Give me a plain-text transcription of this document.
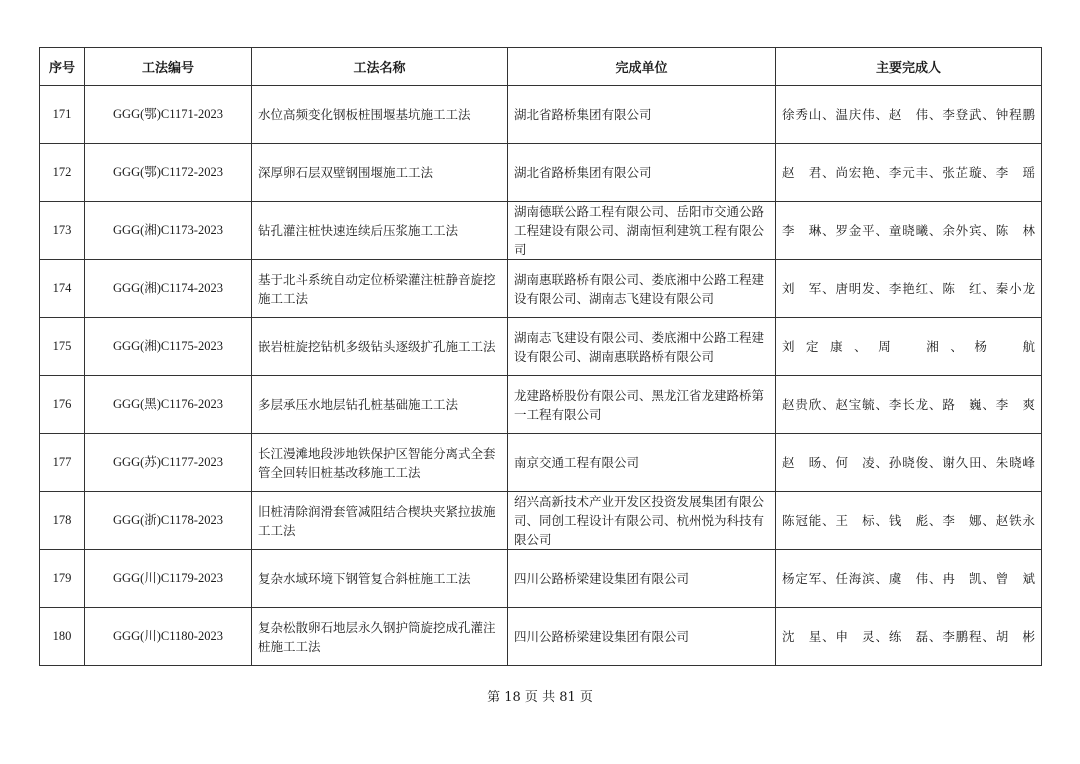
序号	工法编号	工法名称	完成单位	主要完成人
171	GGG(鄂)C1171-2023	水位高频变化钢板桩围堰基坑施工工法	湖北省路桥集团有限公司	徐秀山、温庆伟、赵　伟、李登武、钟程鹏
172	GGG(鄂)C1172-2023	深厚卵石层双壁钢围堰施工工法	湖北省路桥集团有限公司	赵　君、尚宏艳、李元丰、张芷璇、李　瑶
173	GGG(湘)C1173-2023	钻孔灌注桩快速连续后压浆施工工法	湖南德联公路工程有限公司、岳阳市交通公路工程建设有限公司、湖南恒利建筑工程有限公司	李　琳、罗金平、童晓曦、余外宾、陈　林
174	GGG(湘)C1174-2023	基于北斗系统自动定位桥梁灌注桩静音旋挖施工工法	湖南惠联路桥有限公司、娄底湘中公路工程建设有限公司、湖南志飞建设有限公司	刘　军、唐明发、李艳红、陈　红、秦小龙
175	GGG(湘)C1175-2023	嵌岩桩旋挖钻机多级钻头逐级扩孔施工工法	湖南志飞建设有限公司、娄底湘中公路工程建设有限公司、湖南惠联路桥有限公司	刘定康、周　湘、杨　航
176	GGG(黑)C1176-2023	多层承压水地层钻孔桩基础施工工法	龙建路桥股份有限公司、黑龙江省龙建路桥第一工程有限公司	赵贵欣、赵宝毓、李长龙、路　巍、李　爽
177	GGG(苏)C1177-2023	长江漫滩地段涉地铁保护区智能分离式全套管全回转旧桩基改移施工工法	南京交通工程有限公司	赵　旸、何　凌、孙晓俊、谢久田、朱晓峰
178	GGG(浙)C1178-2023	旧桩清除润滑套管减阻结合楔块夹紧拉拔施工工法	绍兴高新技术产业开发区投资发展集团有限公司、同创工程设计有限公司、杭州悦为科技有限公司	陈冠能、王　标、钱　彪、李　娜、赵铁永
179	GGG(川)C1179-2023	复杂水域环境下钢管复合斜桩施工工法	四川公路桥梁建设集团有限公司	杨定军、任海滨、虞　伟、冉　凯、曾　斌
180	GGG(川)C1180-2023	复杂松散卵石地层永久钢护筒旋挖成孔灌注桩施工工法	四川公路桥梁建设集团有限公司	沈　星、申　灵、练　磊、李鹏程、胡　彬
第 18 页 共 81 页
